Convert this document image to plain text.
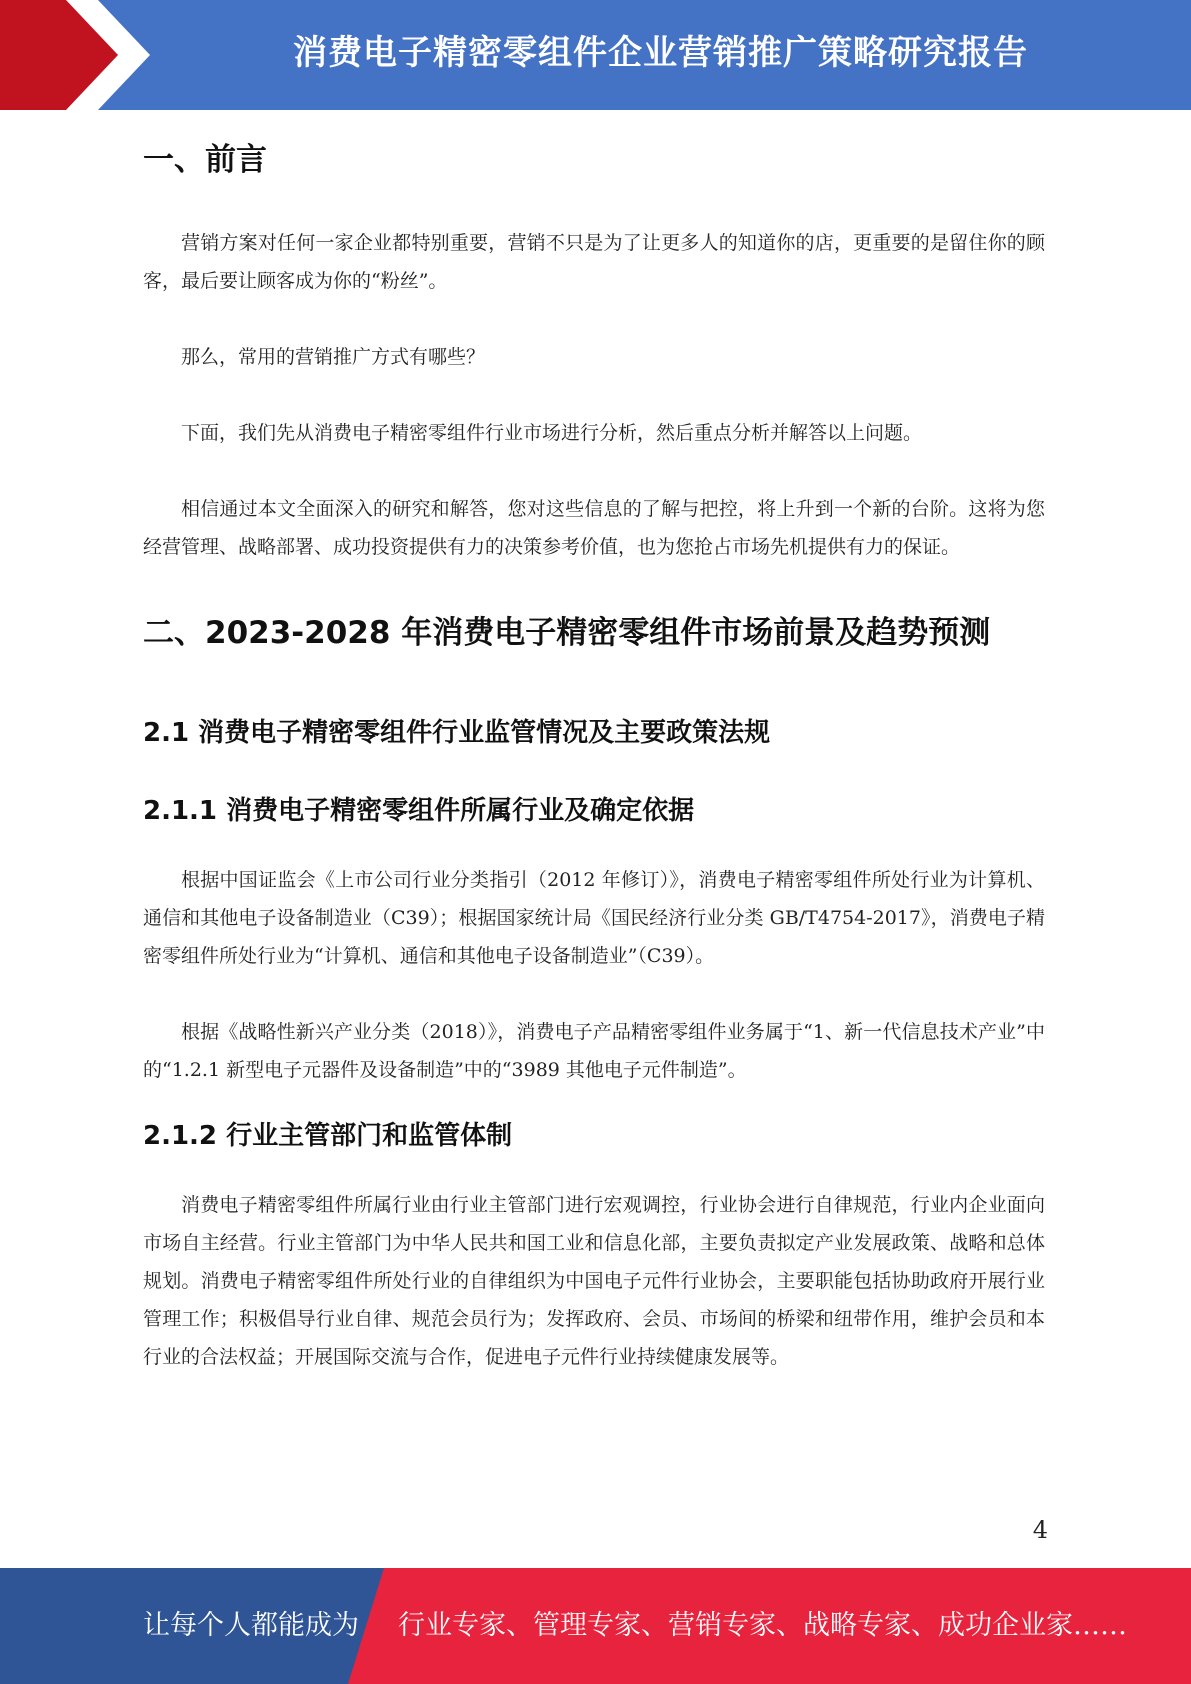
消费电子精密零组件企业营销推广策略研究报告
一、前言

营销方案对任何一家企业都特别重要，营销不只是为了让更多人的知道你的店，更重要的是留住你的顾客，最后要让顾客成为你的“粉丝”。

那么，常用的营销推广方式有哪些？

下面，我们先从消费电子精密零组件行业市场进行分析，然后重点分析并解答以上问题。

相信通过本文全面深入的研究和解答，您对这些信息的了解与把控，将上升到一个新的台阶。这将为您经营管理、战略部署、成功投资提供有力的决策参考价值，也为您抢占市场先机提供有力的保证。

二、2023-2028 年消费电子精密零组件市场前景及趋势预测
2.1 消费电子精密零组件行业监管情况及主要政策法规
2.1.1 消费电子精密零组件所属行业及确定依据

根据中国证监会《上市公司行业分类指引（2012 年修订）》，消费电子精密零组件所处行业为计算机、通信和其他电子设备制造业（C39）；根据国家统计局《国民经济行业分类 GB/T4754-2017》，消费电子精密零组件所处行业为“计算机、通信和其他电子设备制造业”（C39）。

根据《战略性新兴产业分类（2018）》，消费电子产品精密零组件业务属于“1、新一代信息技术产业”中的“1.2.1 新型电子元器件及设备制造”中的“3989 其他电子元件制造”。

2.1.2 行业主管部门和监管体制

消费电子精密零组件所属行业由行业主管部门进行宏观调控，行业协会进行自律规范，行业内企业面向市场自主经营。行业主管部门为中华人民共和国工业和信息化部，主要负责拟定产业发展政策、战略和总体规划。消费电子精密零组件所处行业的自律组织为中国电子元件行业协会，主要职能包括协助政府开展行业管理工作；积极倡导行业自律、规范会员行为；发挥政府、会员、市场间的桥梁和纽带作用，维护会员和本行业的合法权益；开展国际交流与合作，促进电子元件行业持续健康发展等。

4
让每个人都能成为 行业专家、管理专家、营销专家、战略专家、成功企业家……
